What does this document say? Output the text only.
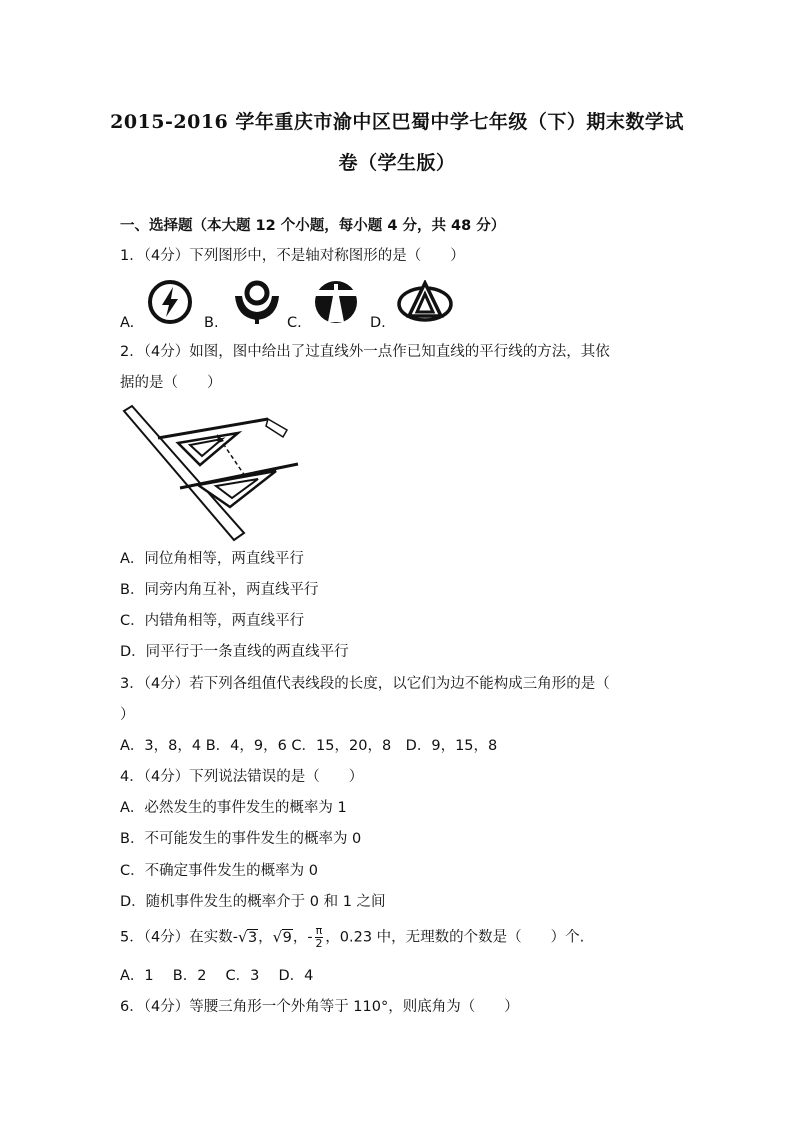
2015-2016 学年重庆市渝中区巴蜀中学七年级（下）期末数学试
卷（学生版）
一、选择题（本大题 12 个小题，每小题 4 分，共 48 分）
1．（4分）下列图形中，不是轴对称图形的是（　　）
A.	B.	C.	D.
2．（4分）如图，图中给出了过直线外一点作已知直线的平行线的方法，其依
据的是（　　）
A．同位角相等，两直线平行
B．同旁内角互补，两直线平行
C．内错角相等，两直线平行
D．同平行于一条直线的两直线平行
3．（4分）若下列各组值代表线段的长度，以它们为边不能构成三角形的是（
）
A．3，8，4 B．4，9，6 C．15，20，8　D．9，15，8
4．（4分）下列说法错误的是（　　）
A．必然发生的事件发生的概率为 1
B．不可能发生的事件发生的概率为 0
C．不确定事件发生的概率为 0
D．随机事件发生的概率介于 0 和 1 之间
5．（4分）在实数- √ 3， √ 9，- $\frac{\pi}{2}$ ，0.23 中，无理数的个数是（　　）个.
A．1　 B．2　 C．3　 D．4
6．（4分）等腰三角形一个外角等于 110°，则底角为（　　）
